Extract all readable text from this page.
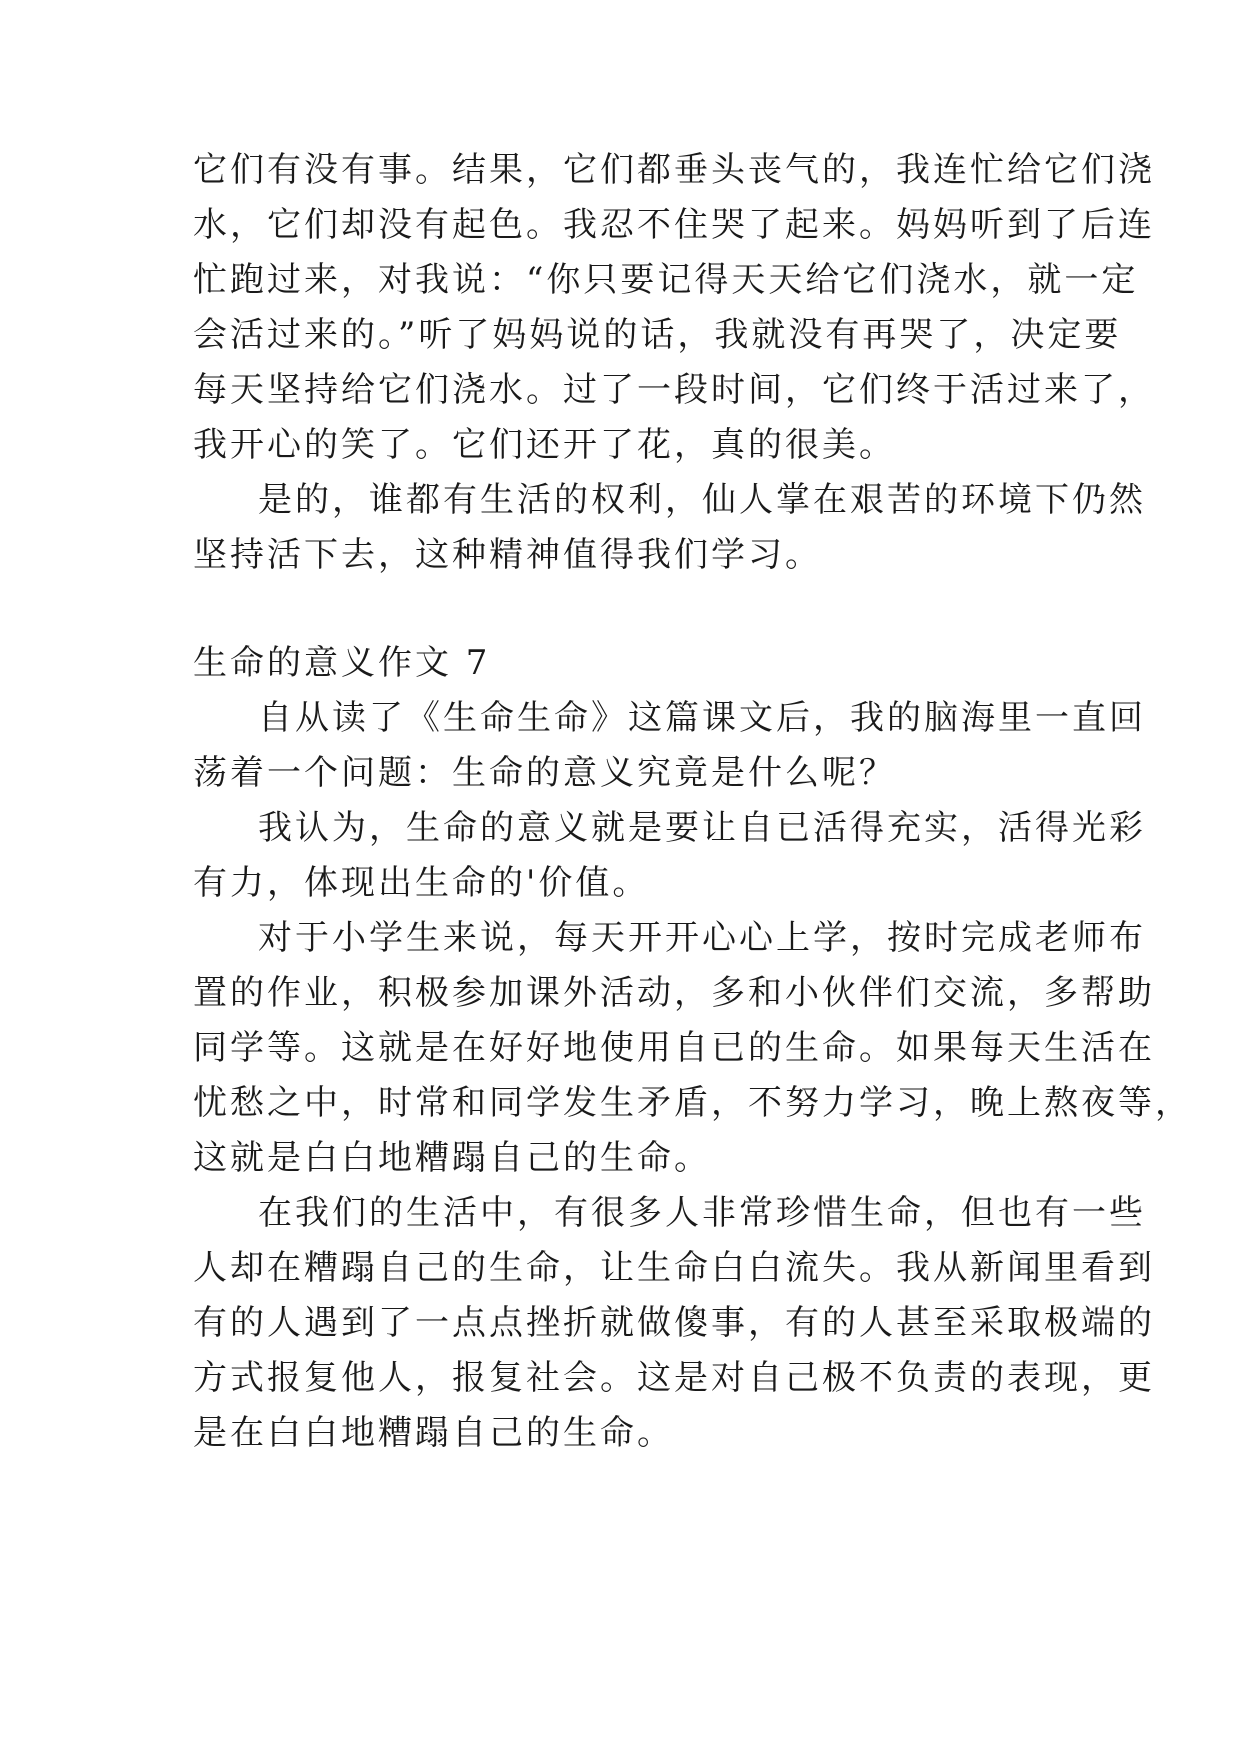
它们有没有事。结果，它们都垂头丧气的，我连忙给它们浇
水，它们却没有起色。我忍不住哭了起来。妈妈听到了后连
忙跑过来，对我说：“你只要记得天天给它们浇水，就一定
会活过来的。”听了妈妈说的话，我就没有再哭了，决定要
每天坚持给它们浇水。过了一段时间，它们终于活过来了，
我开心的笑了。它们还开了花，真的很美。
是的，谁都有生活的权利，仙人掌在艰苦的环境下仍然
坚持活下去，这种精神值得我们学习。
生命的意义作文 7
自从读了《生命生命》这篇课文后，我的脑海里一直回
荡着一个问题：生命的意义究竟是什么呢？
我认为，生命的意义就是要让自已活得充实，活得光彩
有力，体现出生命的'价值。
对于小学生来说，每天开开心心上学，按时完成老师布
置的作业，积极参加课外活动，多和小伙伴们交流，多帮助
同学等。这就是在好好地使用自已的生命。如果每天生活在
忧愁之中，时常和同学发生矛盾，不努力学习，晚上熬夜等，
这就是白白地糟蹋自己的生命。
在我们的生活中，有很多人非常珍惜生命，但也有一些
人却在糟蹋自己的生命，让生命白白流失。我从新闻里看到
有的人遇到了一点点挫折就做傻事，有的人甚至采取极端的
方式报复他人，报复社会。这是对自己极不负责的表现，更
是在白白地糟蹋自己的生命。
